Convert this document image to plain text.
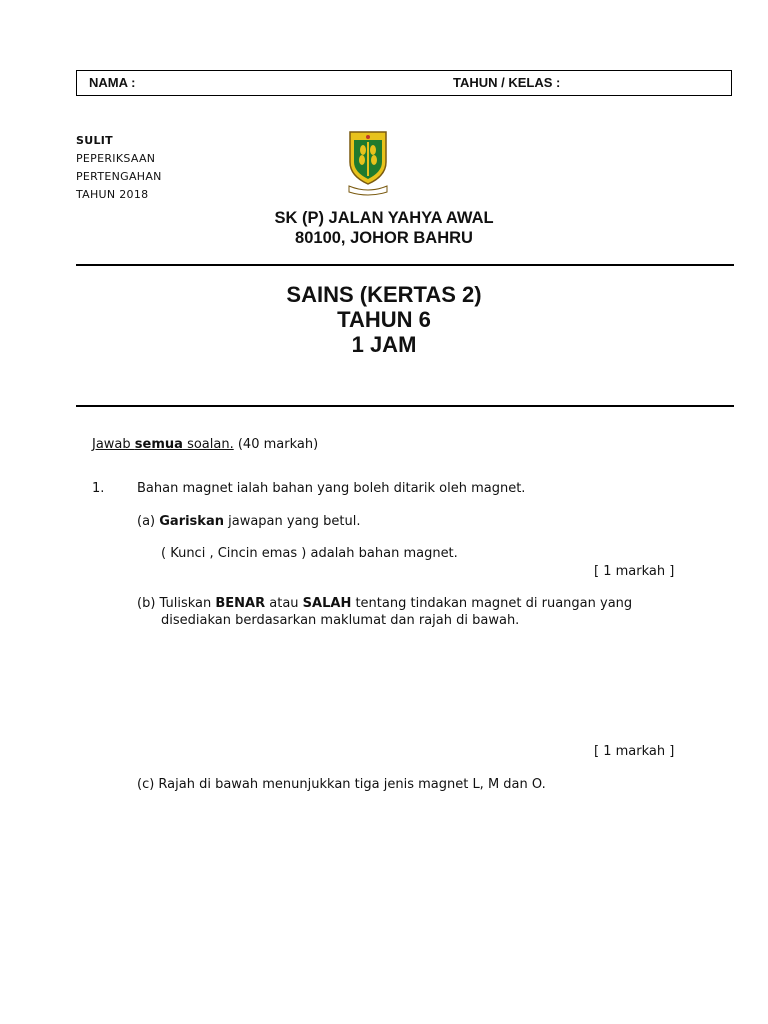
NAMA :	TAHUN / KELAS :
SULIT
PEPERIKSAAN
PERTENGAHAN
TAHUN 2018
SK (P) JALAN YAHYA AWAL
80100, JOHOR BAHRU
SAINS (KERTAS 2)
TAHUN 6
1 JAM
Jawab semua soalan. (40 markah)
1.	Bahan magnet ialah bahan yang boleh ditarik oleh magnet.
(a) Gariskan jawapan yang betul.
( Kunci , Cincin emas ) adalah bahan magnet.
[ 1 markah ]
(b) Tuliskan BENAR atau SALAH tentang tindakan magnet di ruangan yang
disediakan berdasarkan maklumat dan rajah di bawah.
[ 1 markah ]
(c) Rajah di bawah menunjukkan tiga jenis magnet L, M dan O.
